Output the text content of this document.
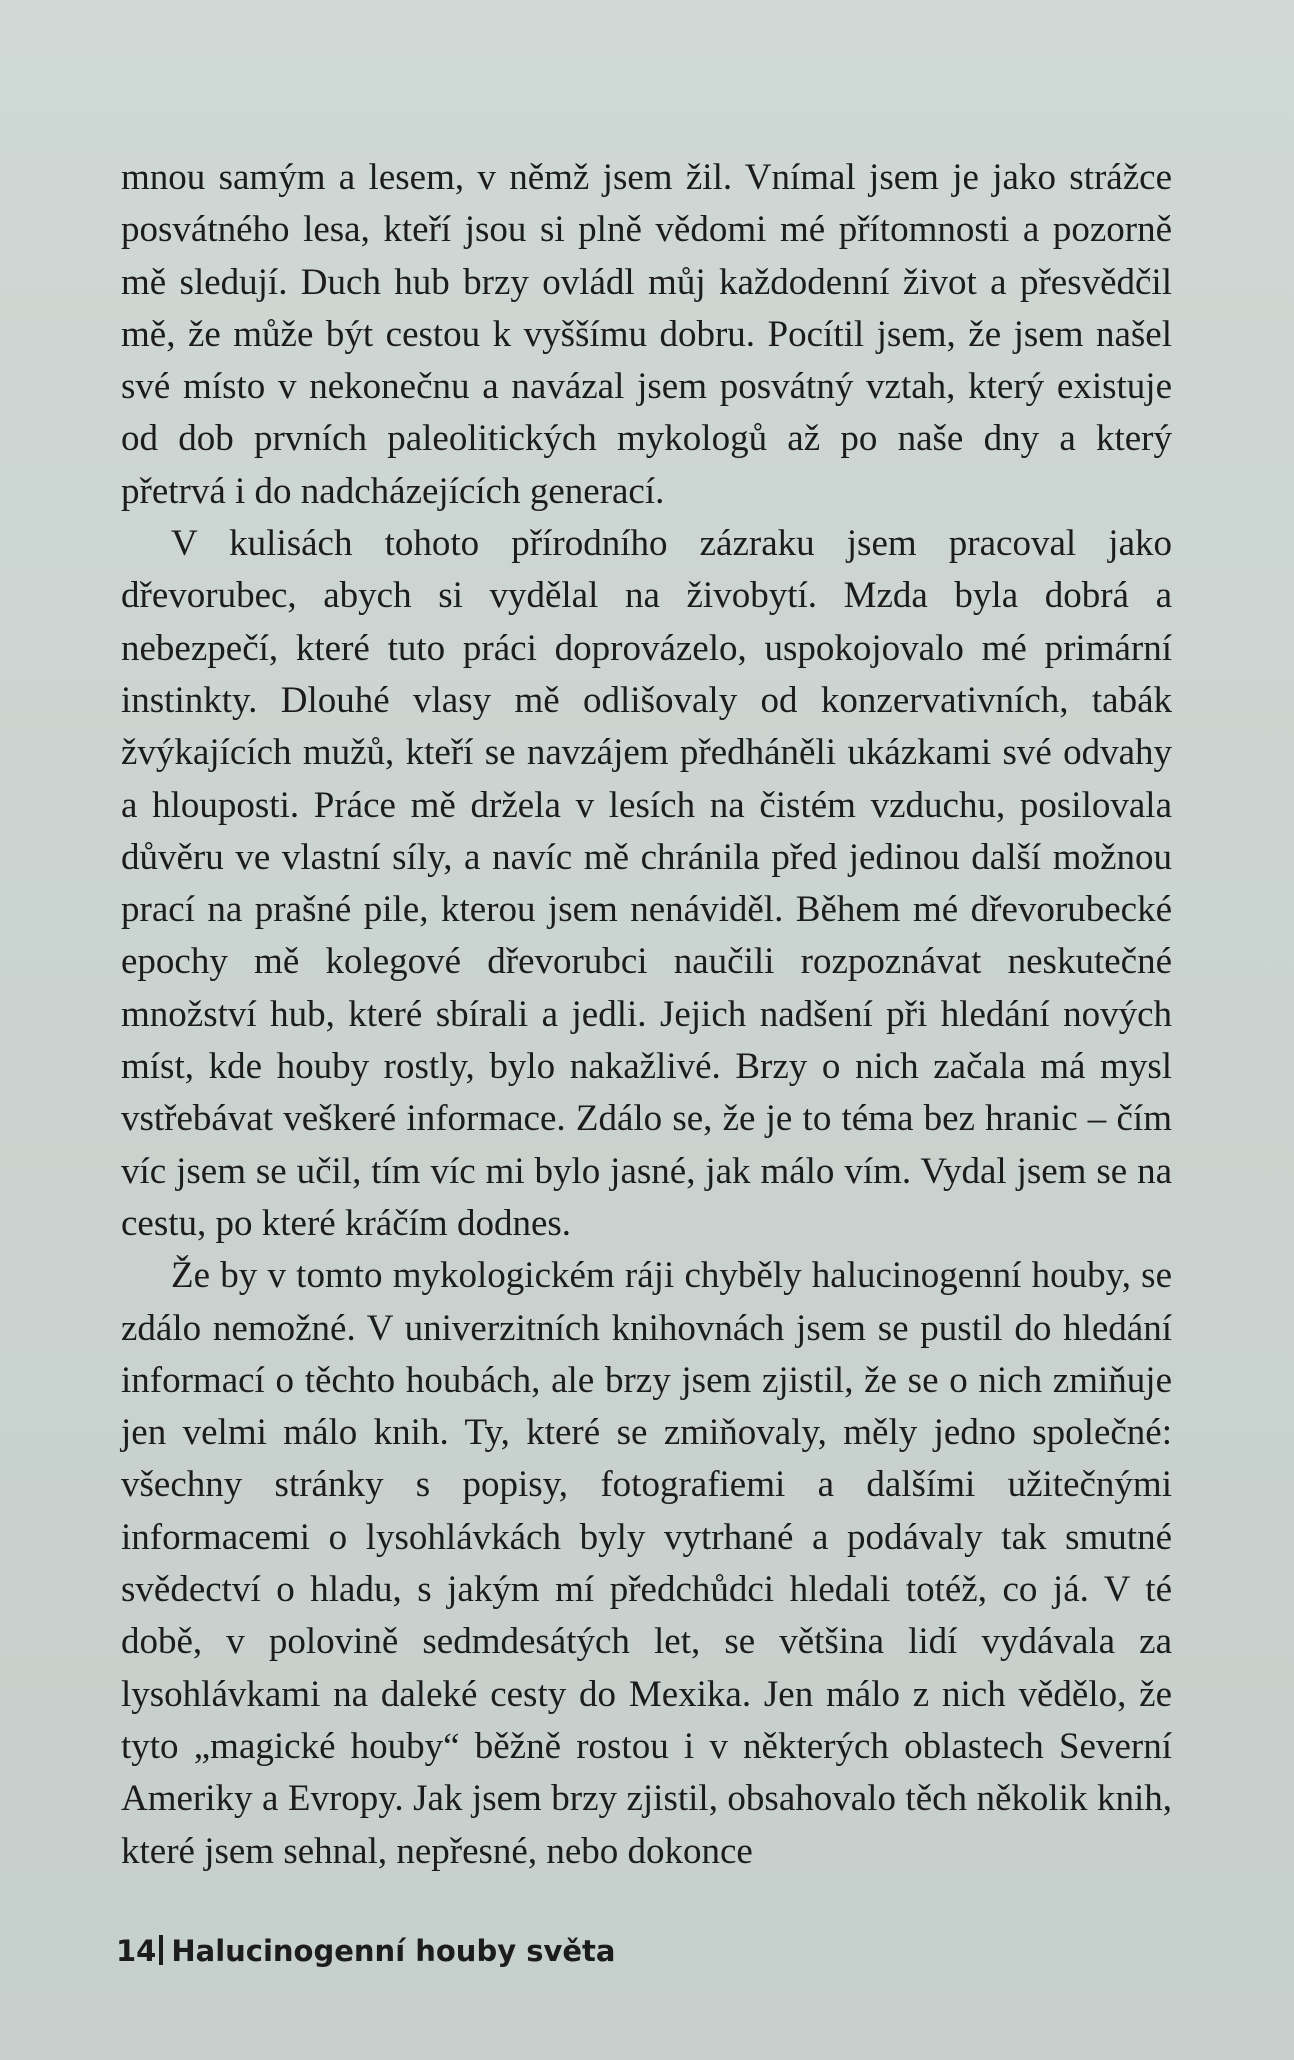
mnou samým a lesem, v němž jsem žil. Vnímal jsem je jako strážce posvátného lesa, kteří jsou si plně vědomi mé přítomnosti a pozorně mě sledují. Duch hub brzy ovládl můj každodenní život a přesvědčil mě, že může být cestou k vyššímu dobru. Pocítil jsem, že jsem našel své místo v nekonečnu a navázal jsem posvátný vztah, který existuje od dob prvních paleolitických mykologů až po naše dny a který přetrvá i do nadcházejících generací.

V kulisách tohoto přírodního zázraku jsem pracoval jako dřevorubec, abych si vydělal na živobytí. Mzda byla dobrá a nebezpečí, které tuto práci doprovázelo, uspokojovalo mé primární instinkty. Dlouhé vlasy mě odlišovaly od konzervativních, tabák žvýkajících mužů, kteří se navzájem předháněli ukázkami své odvahy a hlouposti. Práce mě držela v lesích na čistém vzduchu, posilovala důvěru ve vlastní síly, a navíc mě chránila před jedinou další možnou prací na prašné pile, kterou jsem nenáviděl. Během mé dřevorubecké epochy mě kolegové dřevorubci naučili rozpoznávat neskutečné množství hub, které sbírali a jedli. Jejich nadšení při hledání nových míst, kde houby rostly, bylo nakažlivé. Brzy o nich začala má mysl vstřebávat veškeré informace. Zdálo se, že je to téma bez hranic – čím víc jsem se učil, tím víc mi bylo jasné, jak málo vím. Vydal jsem se na cestu, po které kráčím dodnes.

Že by v tomto mykologickém ráji chyběly halucinogenní houby, se zdálo nemožné. V univerzitních knihovnách jsem se pustil do hledání informací o těchto houbách, ale brzy jsem zjistil, že se o nich zmiňuje jen velmi málo knih. Ty, které se zmiňovaly, měly jedno společné: všechny stránky s popisy, fotografiemi a dalšími užitečnými informacemi o lysohlávkách byly vytrhané a podávaly tak smutné svědectví o hladu, s jakým mí předchůdci hledali totéž, co já. V té době, v polovině sedmdesátých let, se většina lidí vydávala za lysohlávkami na daleké cesty do Mexika. Jen málo z nich vědělo, že tyto „magické houby“ běžně rostou i v některých oblastech Severní Ameriky a Evropy. Jak jsem brzy zjistil, obsahovalo těch několik knih, které jsem sehnal, nepřesné, nebo dokonce

14 Halucinogenní houby světa
